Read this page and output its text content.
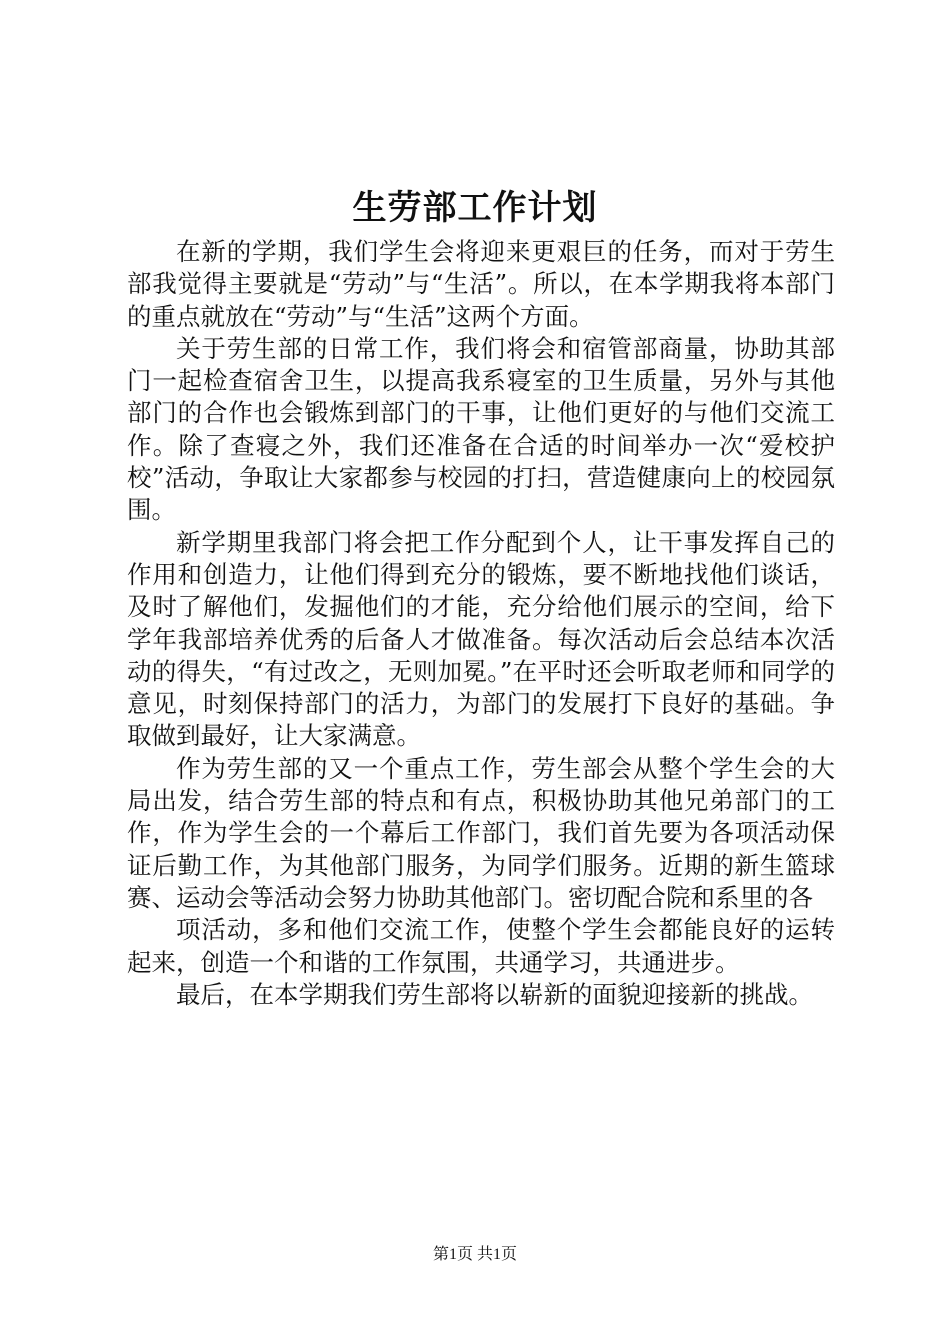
生劳部工作计划

在新的学期，我们学生会将迎来更艰巨的任务，而对于劳生部我觉得主要就是“劳动”与“生活”。所以，在本学期我将本部门的重点就放在“劳动”与“生活”这两个方面。

关于劳生部的日常工作，我们将会和宿管部商量，协助其部门一起检查宿舍卫生，以提高我系寝室的卫生质量，另外与其他部门的合作也会锻炼到部门的干事，让他们更好的与他们交流工作。除了查寝之外，我们还准备在合适的时间举办一次“爱校护校”活动，争取让大家都参与校园的打扫，营造健康向上的校园氛围。

新学期里我部门将会把工作分配到个人，让干事发挥自己的作用和创造力，让他们得到充分的锻炼，要不断地找他们谈话，及时了解他们，发掘他们的才能，充分给他们展示的空间，给下学年我部培养优秀的后备人才做准备。每次活动后会总结本次活动的得失，“有过改之，无则加冕。”在平时还会听取老师和同学的意见，时刻保持部门的活力，为部门的发展打下良好的基础。争取做到最好，让大家满意。

作为劳生部的又一个重点工作，劳生部会从整个学生会的大局出发，结合劳生部的特点和有点，积极协助其他兄弟部门的工作，作为学生会的一个幕后工作部门，我们首先要为各项活动保证后勤工作，为其他部门服务，为同学们服务。近期的新生篮球赛、运动会等活动会努力协助其他部门。密切配合院和系里的各

项活动，多和他们交流工作，使整个学生会都能良好的运转起来，创造一个和谐的工作氛围，共通学习，共通进步。

最后，在本学期我们劳生部将以崭新的面貌迎接新的挑战。

第1页 共1页
